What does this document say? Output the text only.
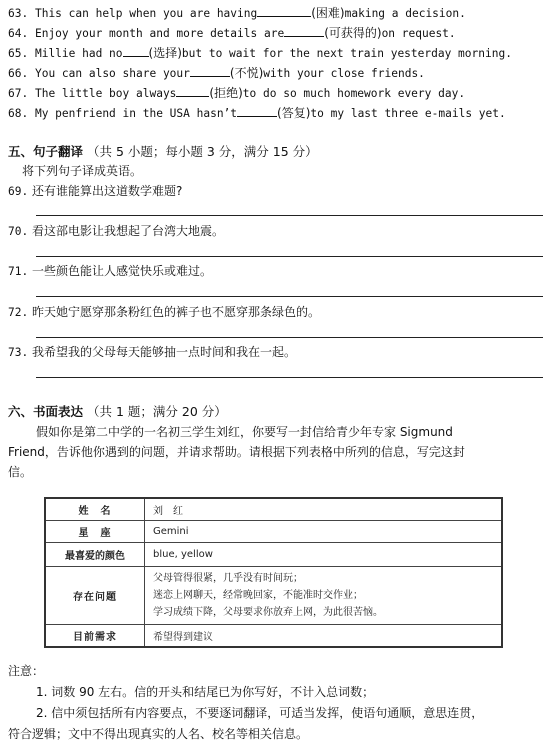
63. This can help when you are having	(困难)making a decision.
64. Enjoy your month and more details are	(可获得的)on request.
65. Millie had no (选择)but to wait for the next train yesterday morning.
66. You can also share your	(不悦)with your close friends.
67. The little boy always	(拒绝)to do so much homework every day.
68. My penfriend in the USA hasn’t	(答复)to my last three e-mails yet.
五、句子翻译 （共 5 小题；每小题 3 分，满分 15 分）
将下列句子译成英语。
69. 还有谁能算出这道数学难题?
70. 看这部电影让我想起了台湾大地震。
71. 一些颜色能让人感觉快乐或难过。
72. 昨天她宁愿穿那条粉红色的裤子也不愿穿那条绿色的。
73. 我希望我的父母每天能够抽一点时间和我在一起。
六、书面表达 （共 1 题；满分 20 分）
假如你是第二中学的一名初三学生刘红，你要写一封信给青少年专家 Sigmund
Friend，告诉他你遇到的问题，并请求帮助。请根据下列表格中所列的信息，写完这封
信。
姓　名	刘　红
星　座	Gemini
最喜爱的颜色	blue, yellow
存在问题	父母管得很紧，几乎没有时间玩；
迷恋上网聊天，经常晚回家，不能准时交作业；
学习成绩下降，父母要求你放弃上网，为此很苦恼。

目前需求	希望得到建议
注意：
1. 词数 90 左右。信的开头和结尾已为你写好，不计入总词数；
2. 信中须包括所有内容要点，不要逐词翻译，可适当发挥，使语句通顺，意思连贯，
符合逻辑；文中不得出现真实的人名、校名等相关信息。
